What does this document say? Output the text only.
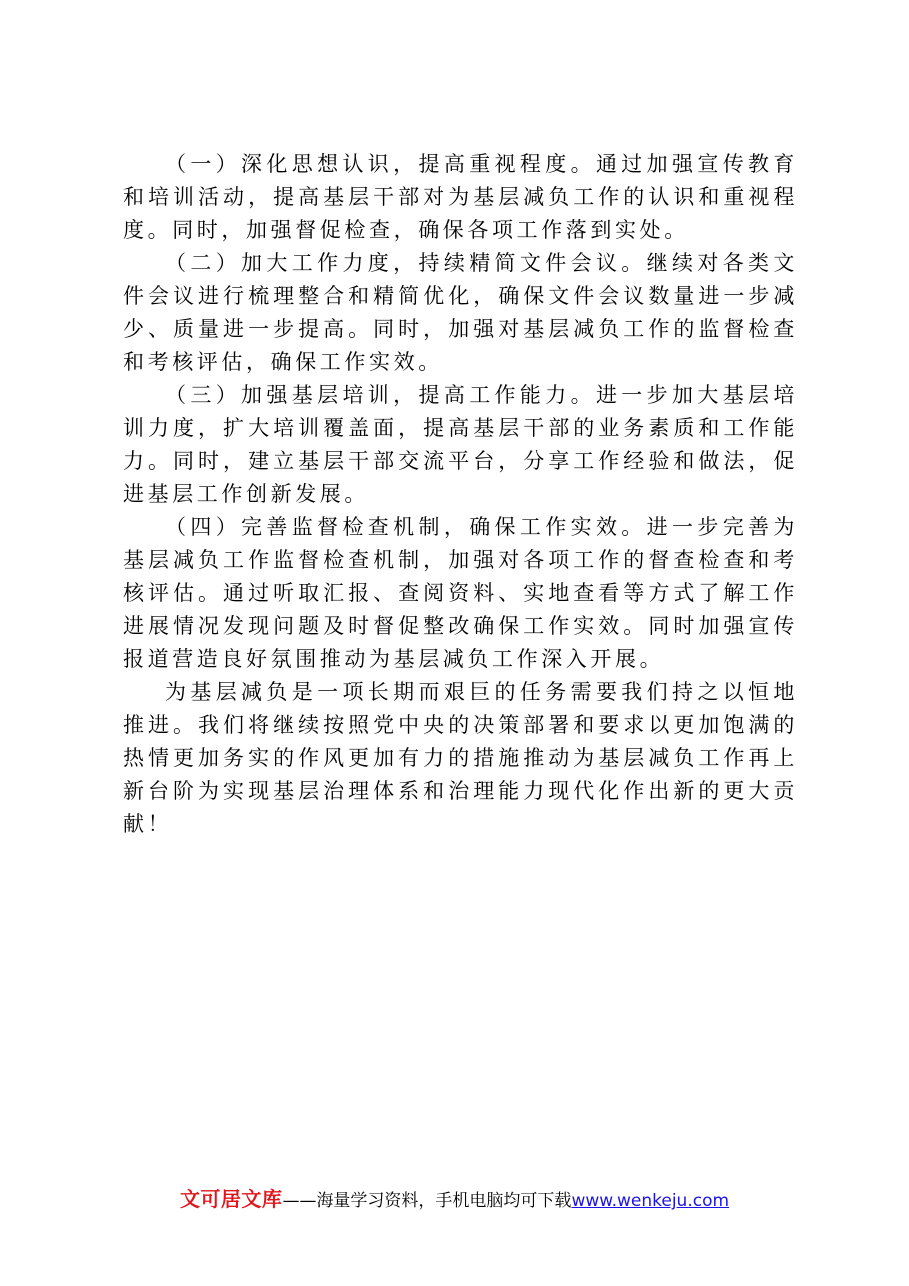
（一）深化思想认识，提高重视程度。通过加强宣传教育和培训活动，提高基层干部对为基层减负工作的认识和重视程度。同时，加强督促检查，确保各项工作落到实处。

（二）加大工作力度，持续精简文件会议。继续对各类文件会议进行梳理整合和精简优化，确保文件会议数量进一步减少、质量进一步提高。同时，加强对基层减负工作的监督检查和考核评估，确保工作实效。

（三）加强基层培训，提高工作能力。进一步加大基层培训力度，扩大培训覆盖面，提高基层干部的业务素质和工作能力。同时，建立基层干部交流平台，分享工作经验和做法，促进基层工作创新发展。

（四）完善监督检查机制，确保工作实效。进一步完善为基层减负工作监督检查机制，加强对各项工作的督查检查和考核评估。通过听取汇报、查阅资料、实地查看等方式了解工作进展情况发现问题及时督促整改确保工作实效。同时加强宣传报道营造良好氛围推动为基层减负工作深入开展。

为基层减负是一项长期而艰巨的任务需要我们持之以恒地推进。我们将继续按照党中央的决策部署和要求以更加饱满的热情更加务实的作风更加有力的措施推动为基层减负工作再上新台阶为实现基层治理体系和治理能力现代化作出新的更大贡献！

文可居文库——海量学习资料，手机电脑均可下载www.wenkeju.com
